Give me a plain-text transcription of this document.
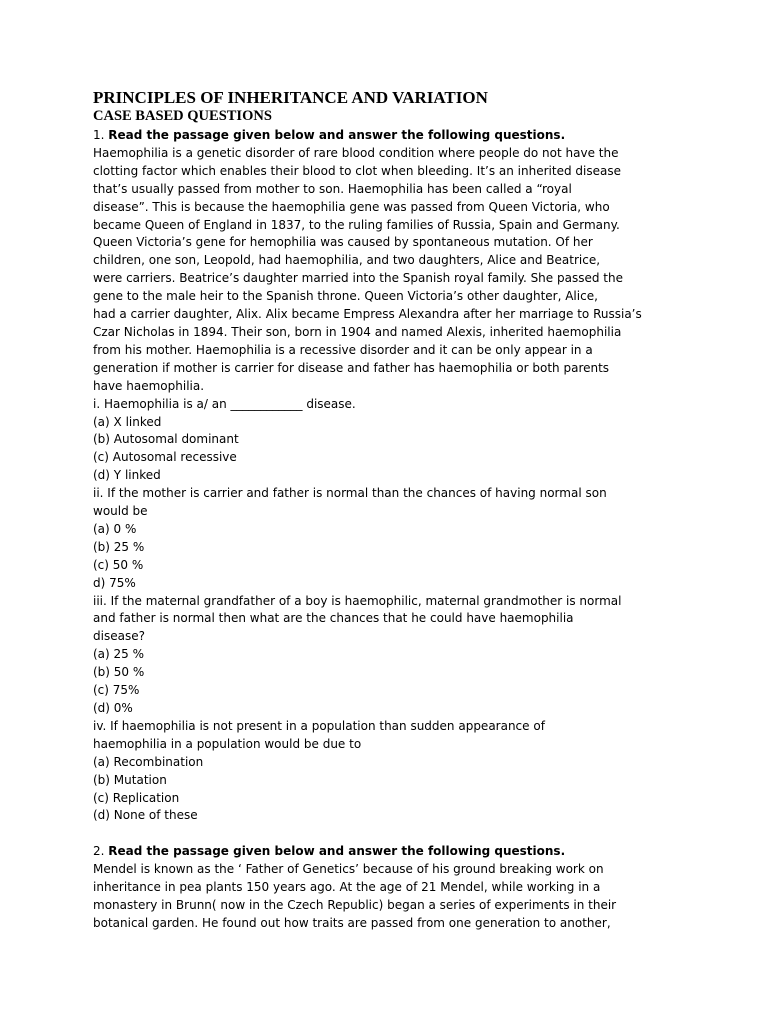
PRINCIPLES OF INHERITANCE AND VARIATION
CASE BASED QUESTIONS
1. Read the passage given below and answer the following questions.
Haemophilia is a genetic disorder of rare blood condition where people do not have the
clotting factor which enables their blood to clot when bleeding. It’s an inherited disease
that’s usually passed from mother to son. Haemophilia has been called a “royal
disease”. This is because the haemophilia gene was passed from Queen Victoria, who
became Queen of England in 1837, to the ruling families of Russia, Spain and Germany.
Queen Victoria’s gene for hemophilia was caused by spontaneous mutation. Of her
children, one son, Leopold, had haemophilia, and two daughters, Alice and Beatrice,
were carriers. Beatrice’s daughter married into the Spanish royal family. She passed the
gene to the male heir to the Spanish throne. Queen Victoria’s other daughter, Alice,
had a carrier daughter, Alix. Alix became Empress Alexandra after her marriage to Russia’s
Czar Nicholas in 1894. Their son, born in 1904 and named Alexis, inherited haemophilia
from his mother. Haemophilia is a recessive disorder and it can be only appear in a
generation if mother is carrier for disease and father has haemophilia or both parents
have haemophilia.
i. Haemophilia is a/ an ____________ disease.
(a) X linked
(b) Autosomal dominant
(c) Autosomal recessive
(d) Y linked
ii. If the mother is carrier and father is normal than the chances of having normal son
would be
(a) 0 %
(b) 25 %
(c) 50 %
d) 75%
iii. If the maternal grandfather of a boy is haemophilic, maternal grandmother is normal
and father is normal then what are the chances that he could have haemophilia
disease?
(a) 25 %
(b) 50 %
(c) 75%
(d) 0%
iv. If haemophilia is not present in a population than sudden appearance of
haemophilia in a population would be due to
(a) Recombination
(b) Mutation
(c) Replication
(d) None of these
2. Read the passage given below and answer the following questions.
Mendel is known as the ‘ Father of Genetics’ because of his ground breaking work on
inheritance in pea plants 150 years ago. At the age of 21 Mendel, while working in a
monastery in Brunn( now in the Czech Republic) began a series of experiments in their
botanical garden. He found out how traits are passed from one generation to another,
